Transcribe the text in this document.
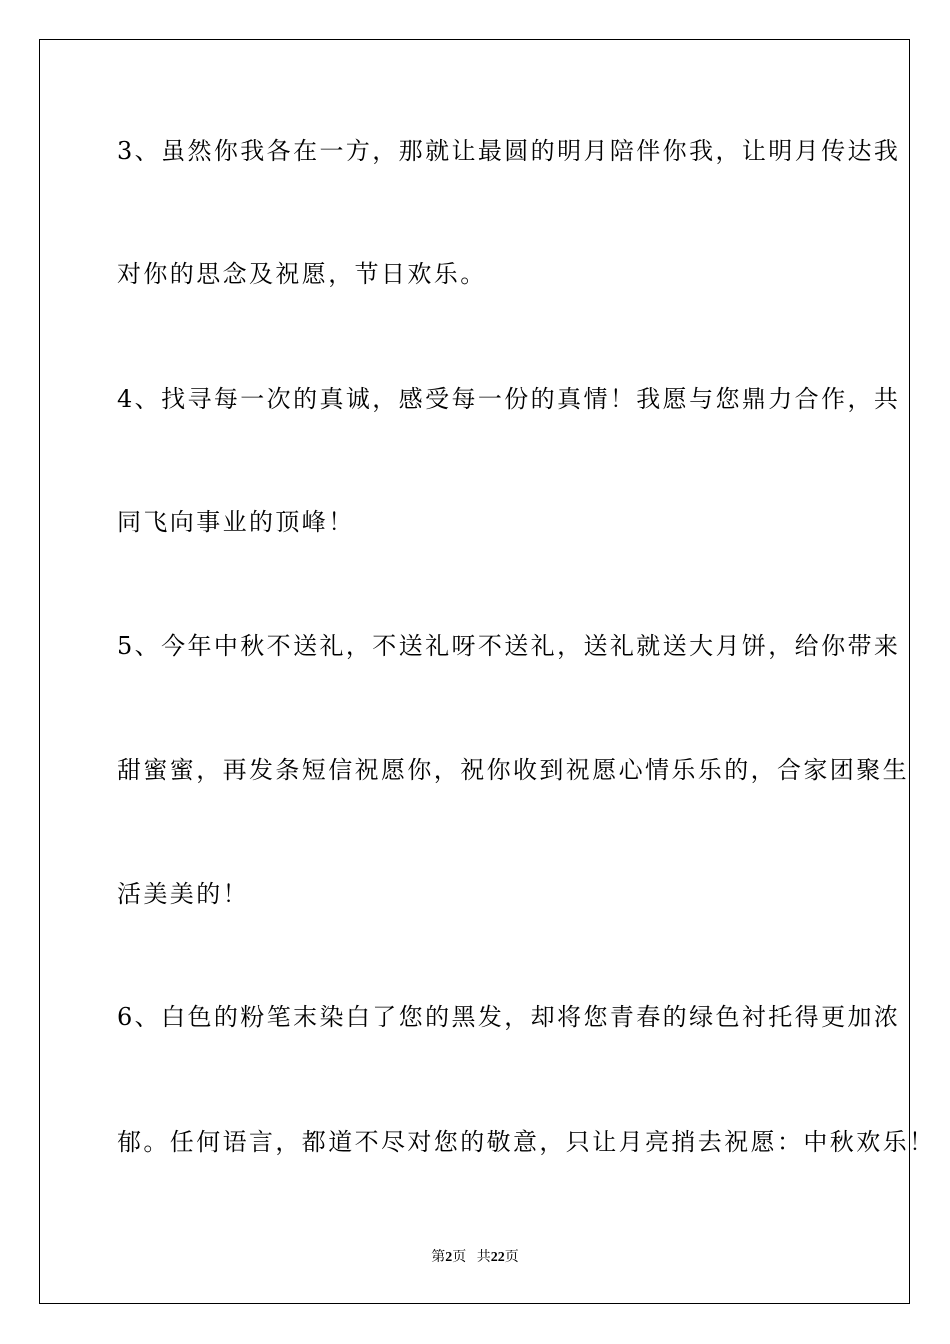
3、虽然你我各在一方，那就让最圆的明月陪伴你我，让明月传达我
对你的思念及祝愿，节日欢乐。
4、找寻每一次的真诚，感受每一份的真情！我愿与您鼎力合作，共
同飞向事业的顶峰！
5、今年中秋不送礼，不送礼呀不送礼，送礼就送大月饼，给你带来
甜蜜蜜，再发条短信祝愿你，祝你收到祝愿心情乐乐的，合家团聚生
活美美的！
6、白色的粉笔末染白了您的黑发，却将您青春的绿色衬托得更加浓
郁。任何语言，都道不尽对您的敬意，只让月亮捎去祝愿：中秋欢乐！
第2页 共22页
